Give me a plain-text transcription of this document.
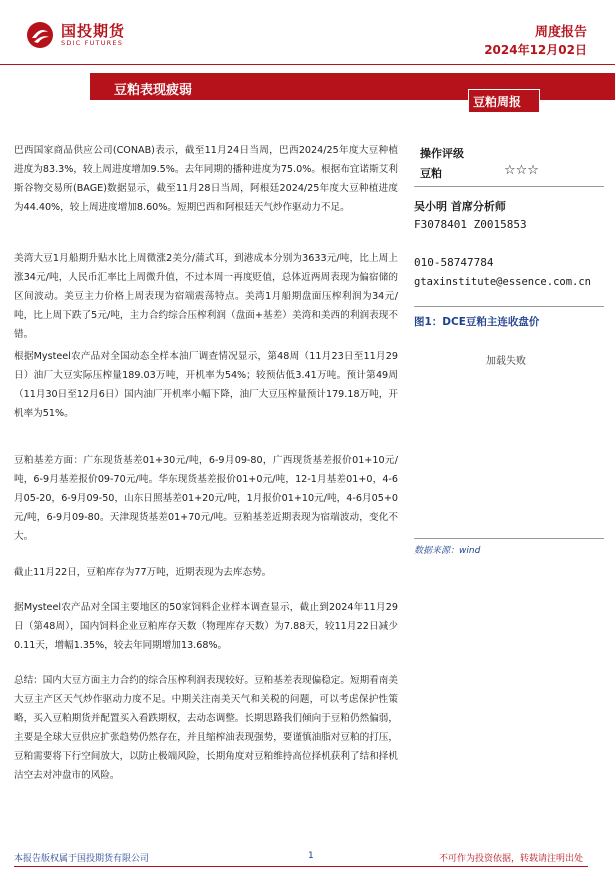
国投期货
SDIC FUTURES
周度报告
2024年12月02日
豆粕表现疲弱
豆粕周报

巴西国家商品供应公司(CONAB)表示，截至11月24日当周，巴西2024/25年度大豆种植进度为83.3%，较上周进度增加9.5%。去年同期的播种进度为75.0%。根据布宜诺斯艾利斯谷物交易所(BAGE)数据显示，截至11月28日当周，阿根廷2024/25年度大豆种植进度为44.40%，较上周进度增加8.60%。短期巴西和阿根廷天气炒作驱动力不足。

美湾大豆1月船期升贴水比上周微涨2美分/蒲式耳，到港成本分别为3633元/吨，比上周上涨34元/吨，人民币汇率比上周微升值，不过本周一再度贬值，总体近两周表现为偏宿储的区间波动。美豆主力价格上周表现为宿端震荡特点。美湾1月船期盘面压榨利润为34元/吨，比上周下跌了5元/吨，主力合约综合压榨利润（盘面+基差）美湾和美西的利润表现不错。

根据Mysteel农产品对全国动态全样本油厂调查情况显示，第48周（11月23日至11月29日）油厂大豆实际压榨量189.03万吨，开机率为54%；较预估低3.41万吨。预计第49周（11月30日至12月6日）国内油厂开机率小幅下降，油厂大豆压榨量预计179.18万吨，开机率为51%。

豆粕基差方面：广东现货基差01+30元/吨，6-9月09-80，广西现货基差报价01+10元/吨，6-9月基差报价09-70元/吨。华东现货基差报价01+0元/吨，12-1月基差01+0，4-6月05-20，6-9月09-50，山东日照基差01+20元/吨，1月报价01+10元/吨，4-6月05+0元/吨，6-9月09-80。天津现货基差01+70元/吨。豆粕基差近期表现为宿端波动，变化不大。

截止11月22日，豆粕库存为77万吨，近期表现为去库态势。

据Mysteel农产品对全国主要地区的50家饲料企业样本调查显示，截止到2024年11月29日（第48周），国内饲料企业豆粕库存天数（物理库存天数）为7.88天，较11月22日减少0.11天，增幅1.35%，较去年同期增加13.68%。

总结：国内大豆方面主力合约的综合压榨利润表现较好。豆粕基差表现偏稳定。短期看南美大豆主产区天气炒作驱动力度不足。中期关注南美天气和关税的问题，可以考虑保护性策略，买入豆粕期货并配置买入看跌期权，去动态调整。长期思路我们倾向于豆粕仍然偏弱，主要是全球大豆供应扩张趋势仍然存在，并且缩榨油表现强势，要谨慎油脂对豆粕的打压，豆粕需要将下行空间放大，以防止极端风险，长期角度对豆粕维持高位择机获利了结和择机沽空去对冲盘市的风险。

操作评级
豆粕	☆☆☆
吴小明 首席分析师
F3078401 Z0015853
010-58747784
gtaxinstitute@essence.com.cn
图1：DCE豆粕主连收盘价
加载失败
数据来源：wind
本报告版权属于国投期货有限公司	1	不可作为投资依据，转载请注明出处
